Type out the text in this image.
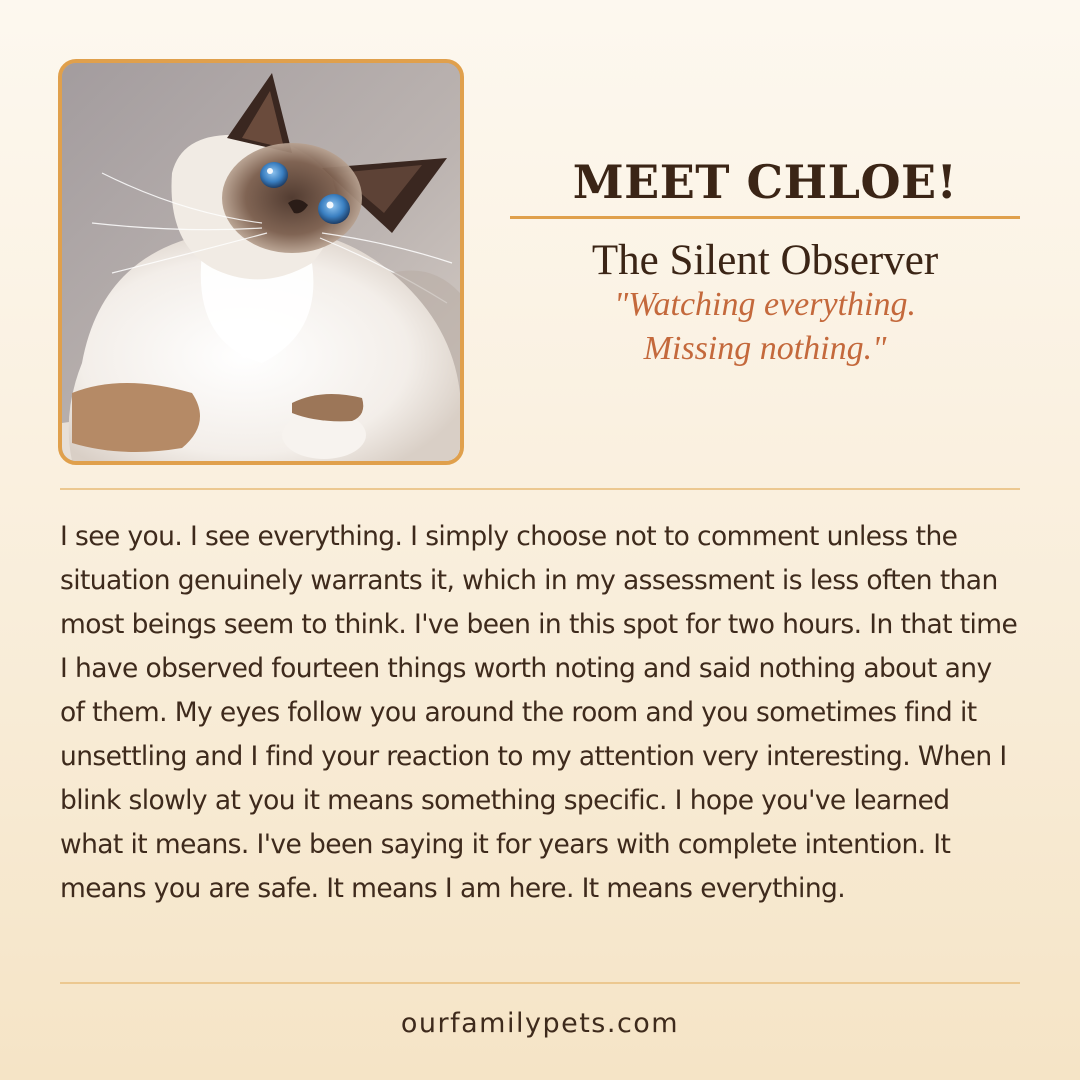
MEET CHLOE!
The Silent Observer
"Watching everything.
Missing nothing."

I see you. I see everything. I simply choose not to comment unless the situation genuinely warrants it, which in my assessment is less often than most beings seem to think. I've been in this spot for two hours. In that time I have observed fourteen things worth noting and said nothing about any of them. My eyes follow you around the room and you sometimes find it unsettling and I find your reaction to my attention very interesting. When I blink slowly at you it means something specific. I hope you've learned what it means. I've been saying it for years with complete intention. It means you are safe. It means I am here. It means everything.

ourfamilypets.com
